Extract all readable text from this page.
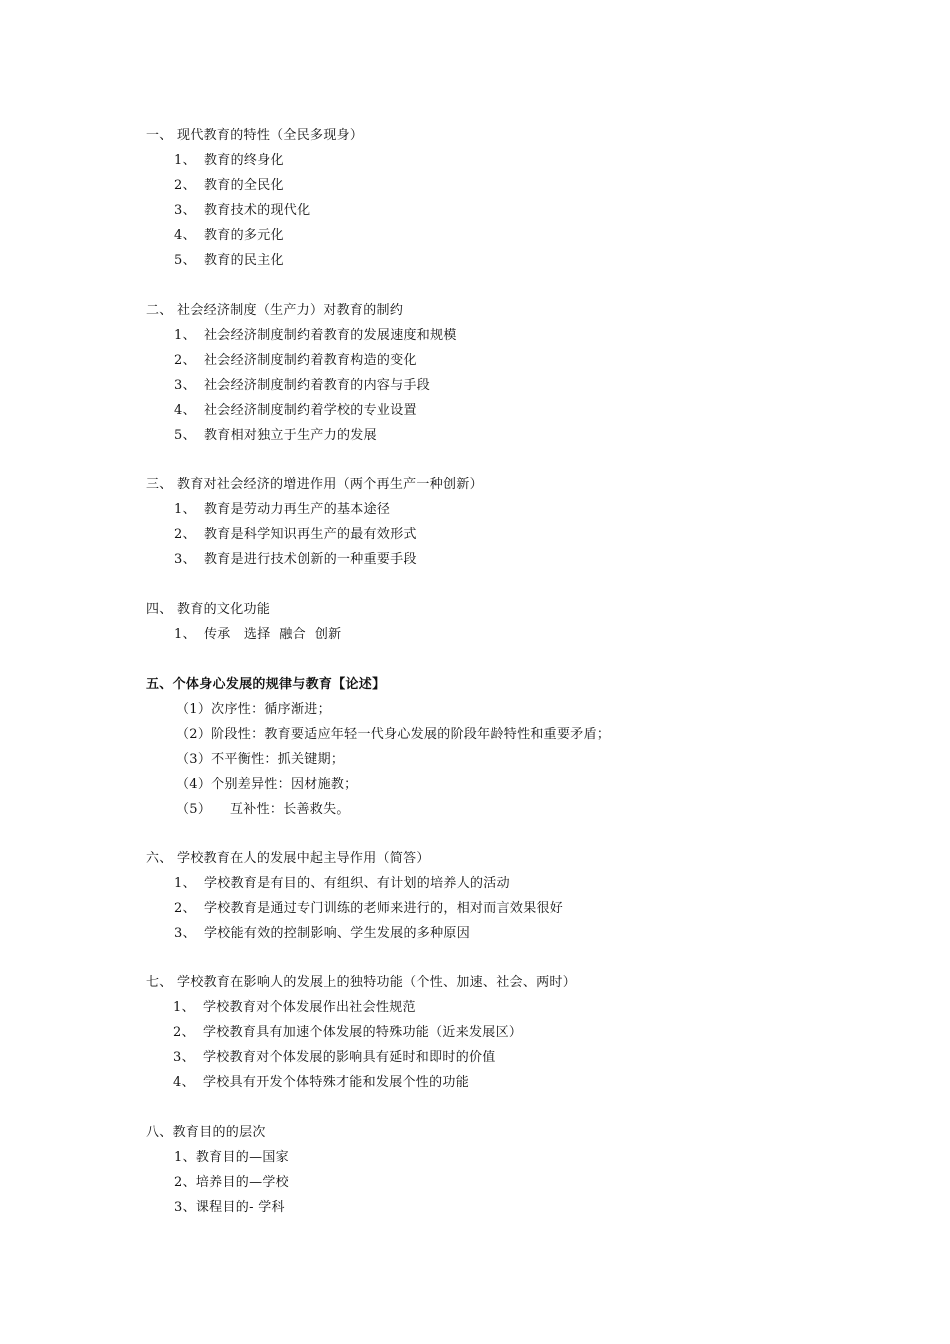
一、 现代教育的特性（全民多现身）
1、 教育的终身化
2、 教育的全民化
3、 教育技术的现代化
4、 教育的多元化
5、 教育的民主化
二、 社会经济制度（生产力）对教育的制约
1、 社会经济制度制约着教育的发展速度和规模
2、 社会经济制度制约着教育构造的变化
3、 社会经济制度制约着教育的内容与手段
4、 社会经济制度制约着学校的专业设置
5、 教育相对独立于生产力的发展
三、 教育对社会经济的增进作用（两个再生产一种创新）
1、 教育是劳动力再生产的基本途径
2、 教育是科学知识再生产的最有效形式
3、 教育是进行技术创新的一种重要手段
四、 教育的文化功能
1、 传承   选择  融合  创新
五、个体身心发展的规律与教育【论述】
（1）次序性：循序渐进；
（2）阶段性：教育要适应年轻一代身心发展的阶段年龄特性和重要矛盾；
（3）不平衡性：抓关键期；
（4）个别差异性：因材施教；
（5） 互补性：长善救失。
六、 学校教育在人的发展中起主导作用（简答）
1、 学校教育是有目的、有组织、有计划的培养人的活动
2、 学校教育是通过专门训练的老师来进行的，相对而言效果很好
3、 学校能有效的控制影响、学生发展的多种原因
七、 学校教育在影响人的发展上的独特功能（个性、加速、社会、两时）
1、 学校教育对个体发展作出社会性规范
2、 学校教育具有加速个体发展的特殊功能（近来发展区）
3、 学校教育对个体发展的影响具有延时和即时的价值
4、 学校具有开发个体特殊才能和发展个性的功能
八、教育目的的层次
1、教育目的—国家
2、培养目的—学校
3、课程目的- 学科
